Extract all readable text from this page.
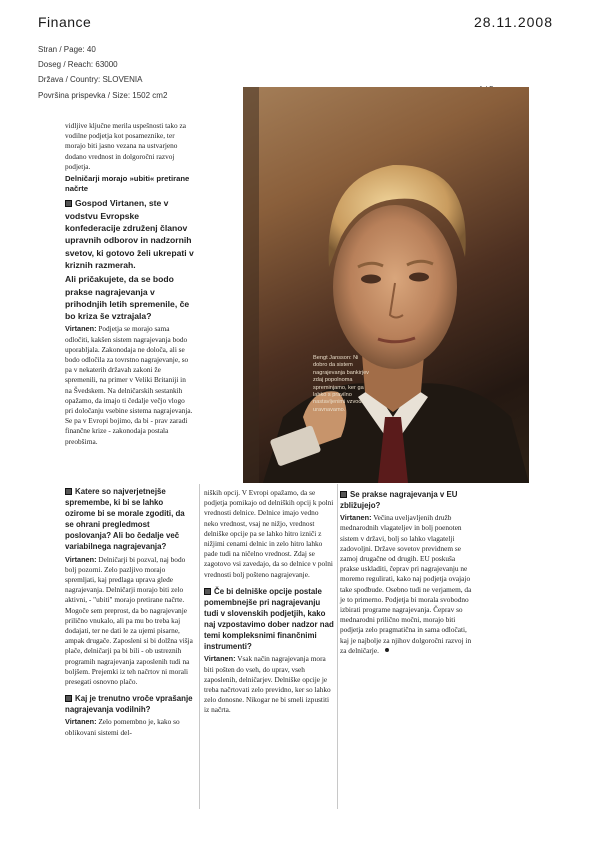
Finance	28.11.2008
Stran / Page: 40
Doseg / Reach: 63000
Država / Country: SLOVENIA
Površina prispevka / Size: 1502 cm2
Bengt Jansson: Ni dobro da sistem nagrajevanja bankirjev zdaj popolnoma spreminjamo, ker ga lahko s pravilno nastavljenimi vzvodi uravnavamo.

vidljive ključne merila uspešnosti tako za vodilne podjetja kot posameznike, ter morajo biti jasno vezana na ustvarjeno dodano vrednost in dolgoročni razvoj podjetja.

Delničarji morajo »ubiti« pretirane načrte

Gospod Virtanen, ste v vodstvu Evropske konfederacije združenj članov upravnih odborov in nadzornih svetov, ki gotovo želi ukrepati v kriznih razmerah.

Ali pričakujete, da se bodo prakse nagrajevanja v prihodnjih letih spremenile, če bo kriza še vztrajala?

Virtanen: Podjetja se morajo sama odločiti, kakšen sistem nagrajevanja bodo uporabljala. Zakonodaja ne določa, ali se bodo odločila za tovrstno nagrajevanje, so pa v nekaterih državah zakoni že spremenili, na primer v Veliki Britaniji in na Švedskem. Na delničarskih sestankih opažamo, da imajo ti čedalje večjo vlogo pri določanju vsebine sistema nagrajevanja. Se pa v Evropi bojimo, da bi - prav zaradi finančne krize - zakonodaja postala preobširna.

Katere so najverjetnejše spremembe, ki bi se lahko ozirome bi se morale zgoditi, da se ohrani pregledmost poslovanja? Ali bo čedalje več variabilnega nagrajevanja?

Virtanen: Delničarji bi pozval, naj bodo bolj pozorni. Zelo pazljivo morajo spremljati, kaj predlaga uprava glede nagrajevanja. Delničarji morajo biti zelo aktivni, - "ubiti" morajo pretirane načrte. Mogoče sem preprost, da bo nagrajevanje prilično vnukalo, ali pa mu bo treba kaj dodajati, ter ne dati le za ujemi pisarne, ampak drugače. Zaposleni si bi dolžna višja plače, delničarji pa bi bili - ob ustreznih programih nagrajevanja zaposlenih tudi na boljšem. Prejemki iz teh načrtov ni morali presegati osnovno plačo.

Kaj je trenutno vroče vprašanje nagrajevanja vodilnih?

Virtanen: Zelo pomembno je, kako so oblikovani sistemi del-

niških opcij. V Evropi opažamo, da se podjetja pomikajo od delniških opcij k polni vrednosti delnice. Delnice imajo vedno neko vrednost, vsaj ne nižjo, vrednost delniške opcije pa se lahko hitro izniči z nižjimi cenami delnic in zelo hitro lahko pade tudi na ničelno vrednost. Zdaj se zagotovo vsi zavedajo, da so delnice v polni vrednosti bolj pošteno nagrajevanje.

Če bi delniške opcije postale pomembnejše pri nagrajevanju tudi v slovenskih podjetjih, kako naj vzpostavimo dober nadzor nad temi kompleksnimi finančnimi instrumenti?

Virtanen: Vsak način nagrajevanja mora biti pošten do vseh, do uprav, vseh zaposlenih, delničarjev. Delniške opcije je treba načrtovati zelo previdno, ker so lahko zelo donosne. Nikogar ne bi smeli izpustiti iz načrta.

Se prakse nagrajevanja v EU zbližujejo?

Virtanen: Večina uveljavljenih družb mednarodnih vlagateljev in bolj poenoten sistem v državi, bolj so lahko vlagatelji zadovoljni. Države sovetov previdnem se zamoj drugačne od drugih. EU poskuša prakse uskladiti, čeprav pri nagrajevanju ne moremo regulirati, kako naj podjetja ovajajo take spodbude. Osebno tudi ne verjamem, da je to primerno. Podjetja bi morala svobodno izbirati programe nagrajevanja. Čeprav so mednarodni prilično močni, morajo biti podjetja zelo pragmatična in sama odločati, kaj je najbolje za njihov dolgoročni razvoj in za delničarje.
